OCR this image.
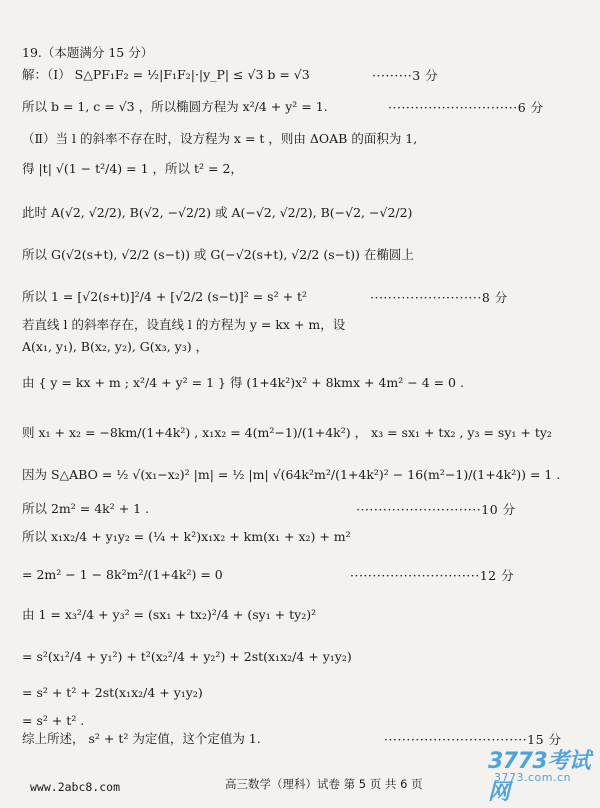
19.（本题满分 15 分）
解：（Ⅰ） S△PF₁F₂ = ½|F₁F₂|·|y_P| ≤ √3 b = √3	·········3 分
所以 b = 1, c = √3 ，所以椭圆方程为 x²/4 + y² = 1.	·····························6 分
（Ⅱ）当 l 的斜率不存在时，设方程为 x = t ，则由 ΔOAB 的面积为 1,
得 |t| √(1 − t²/4) = 1 ，所以 t² = 2，
此时 A(√2, √2/2), B(√2, −√2/2) 或 A(−√2, √2/2), B(−√2, −√2/2)
所以 G(√2(s+t), √2/2 (s−t)) 或 G(−√2(s+t), √2/2 (s−t)) 在椭圆上
所以 1 = [√2(s+t)]²/4 + [√2/2 (s−t)]² = s² + t²	·························8 分
若直线 l 的斜率存在，设直线 l 的方程为 y = kx + m，设
A(x₁, y₁), B(x₂, y₂), G(x₃, y₃) ，
由 { y = kx + m ; x²/4 + y² = 1 } 得 (1+4k²)x² + 8kmx + 4m² − 4 = 0 .
则 x₁ + x₂ = −8km/(1+4k²) , x₁x₂ = 4(m²−1)/(1+4k²) ， x₃ = sx₁ + tx₂ , y₃ = sy₁ + ty₂
因为 S△ABO = ½ √(x₁−x₂)² |m| = ½ |m| √(64k²m²/(1+4k²)² − 16(m²−1)/(1+4k²)) = 1 .
所以 2m² = 4k² + 1 .	····························10 分
所以 x₁x₂/4 + y₁y₂ = (¼ + k²)x₁x₂ + km(x₁ + x₂) + m²
= 2m² − 1 − 8k²m²/(1+4k²) = 0	·····························12 分
由 1 = x₃²/4 + y₃² = (sx₁ + tx₂)²/4 + (sy₁ + ty₂)²
= s²(x₁²/4 + y₁²) + t²(x₂²/4 + y₂²) + 2st(x₁x₂/4 + y₁y₂)
= s² + t² + 2st(x₁x₂/4 + y₁y₂)
= s² + t² .
综上所述， s² + t² 为定值，这个定值为 1.	································15 分
www.2abc8.com	高三数学（理科）试卷 第 5 页 共 6 页
3773考试网
3773.com.cn
